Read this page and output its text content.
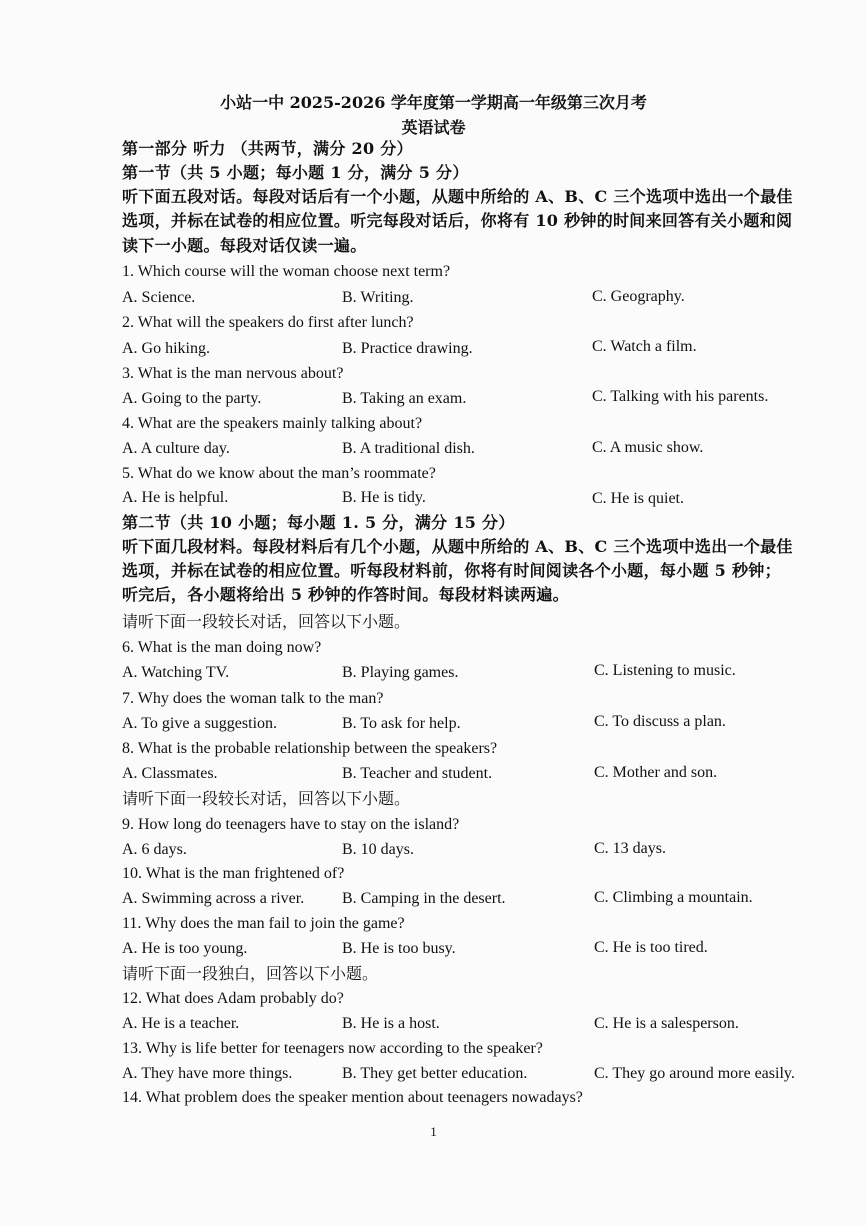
小站一中 2025-2026 学年度第一学期高一年级第三次月考
英语试卷
第一部分 听力 （共两节，满分 20 分）
第一节（共 5 小题；每小题 1 分，满分 5 分）
听下面五段对话。每段对话后有一个小题，从题中所给的 A、B、C 三个选项中选出一个最佳
选项，并标在试卷的相应位置。听完每段对话后，你将有 10 秒钟的时间来回答有关小题和阅
读下一小题。每段对话仅读一遍。
1. Which course will the woman choose next term?
A. Science.	B. Writing.	C. Geography.
2. What will the speakers do first after lunch?
A. Go hiking.	B. Practice drawing.	C. Watch a film.
3. What is the man nervous about?
A. Going to the party.	B. Taking an exam.	C. Talking with his parents.
4. What are the speakers mainly talking about?
A. A culture day.	B. A traditional dish.	C. A music show.
5. What do we know about the man’s roommate?
A. He is helpful.	B. He is tidy.	C. He is quiet.
第二节（共 10 小题；每小题 1. 5 分，满分 15 分）
听下面几段材料。每段材料后有几个小题，从题中所给的 A、B、C 三个选项中选出一个最佳
选项，并标在试卷的相应位置。听每段材料前，你将有时间阅读各个小题，每小题 5 秒钟；
听完后，各小题将给出 5 秒钟的作答时间。每段材料读两遍。
请听下面一段较长对话，回答以下小题。
6. What is the man doing now?
A. Watching TV.	B. Playing games.	C. Listening to music.
7. Why does the woman talk to the man?
A. To give a suggestion.	B. To ask for help.	C. To discuss a plan.
8. What is the probable relationship between the speakers?
A. Classmates.	B. Teacher and student.	C. Mother and son.
请听下面一段较长对话，回答以下小题。
9. How long do teenagers have to stay on the island?
A. 6 days.	B. 10 days.	C. 13 days.
10. What is the man frightened of?
A. Swimming across a river. B. Camping in the desert.	C. Climbing a mountain.
11. Why does the man fail to join the game?
A. He is too young.	B. He is too busy.	C. He is too tired.
请听下面一段独白，回答以下小题。
12. What does Adam probably do?
A. He is a teacher.	B. He is a host.	C. He is a salesperson.
13. Why is life better for teenagers now according to the speaker?
A. They have more things.	B. They get better education.	C. They go around more easily.
14. What problem does the speaker mention about teenagers nowadays?
1
